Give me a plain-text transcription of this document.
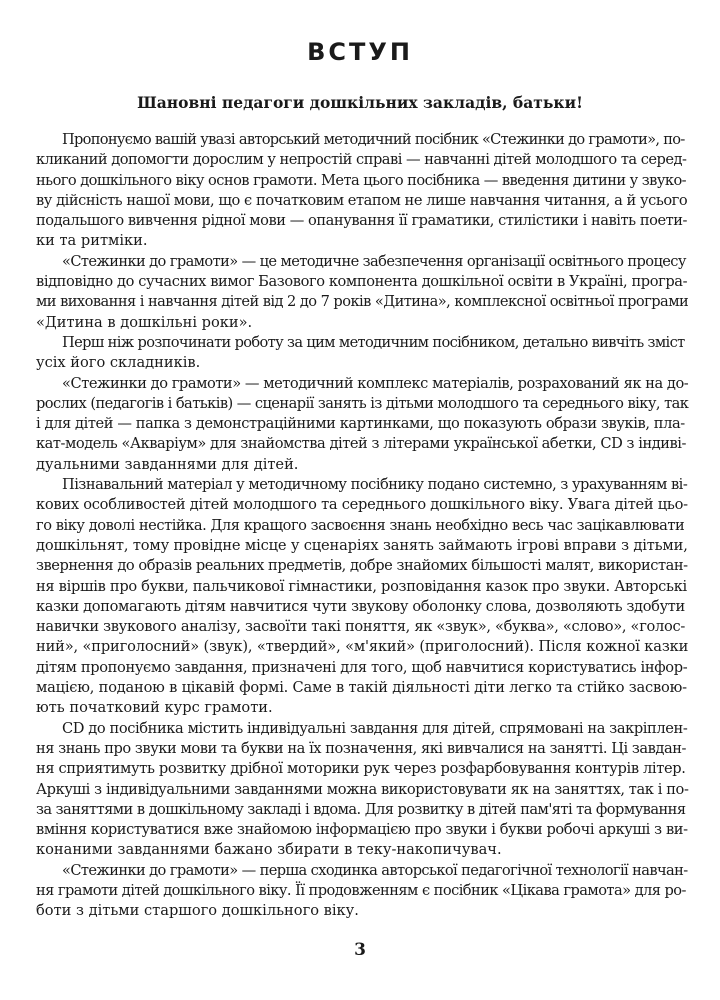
ВСТУП
Шановні педагоги дошкільних закладів, батьки!
Пропонуємо вашій увазі авторський методичний посібник «Стежинки до грамоти», по-
кликаний допомогти дорослим у непростій справі — навчанні дітей молодшого та серед-
нього дошкільного віку основ грамоти. Мета цього посібника — введення дитини у звуко-
ву дійсність нашої мови, що є початковим етапом не лише навчання читання, а й усього
подальшого вивчення рідної мови — опанування її граматики, стилістики і навіть поети-
ки та ритміки.
«Стежинки до грамоти» — це методичне забезпечення організації освітнього процесу
відповідно до сучасних вимог Базового компонента дошкільної освіти в Україні, програ-
ми виховання і навчання дітей від 2 до 7 років «Дитина», комплексної освітньої програми
«Дитина в дошкільні роки».
Перш ніж розпочинати роботу за цим методичним посібником, детально вивчіть зміст
усіх його складників.
«Стежинки до грамоти» — методичний комплекс матеріалів, розрахований як на до-
рослих (педагогів і батьків) — сценарії занять із дітьми молодшого та середнього віку, так
і для дітей — папка з демонстраційними картинками, що показують образи звуків, пла-
кат-модель «Акваріум» для знайомства дітей з літерами української абетки, CD з індиві-
дуальними завданнями для дітей.
Пізнавальний матеріал у методичному посібнику подано системно, з урахуванням ві-
кових особливостей дітей молодшого та середнього дошкільного віку. Увага дітей цьо-
го віку доволі нестійка. Для кращого засвоєння знань необхідно весь час зацікавлювати
дошкільнят, тому провідне місце у сценаріях занять займають ігрові вправи з дітьми,
звернення до образів реальних предметів, добре знайомих більшості малят, використан-
ня віршів про букви, пальчикової гімнастики, розповідання казок про звуки. Авторські
казки допомагають дітям навчитися чути звукову оболонку слова, дозволяють здобути
навички звукового аналізу, засвоїти такі поняття, як «звук», «буква», «слово», «голос-
ний», «приголосний» (звук), «твердий», «м'який» (приголосний). Після кожної казки
дітям пропонуємо завдання, призначені для того, щоб навчитися користуватись інфор-
мацією, поданою в цікавій формі. Саме в такій діяльності діти легко та стійко засвою-
ють початковий курс грамоти.
CD до посібника містить індивідуальні завдання для дітей, спрямовані на закріплен-
ня знань про звуки мови та букви на їх позначення, які вивчалися на занятті. Ці завдан-
ня сприятимуть розвитку дрібної моторики рук через розфарбовування контурів літер.
Аркуші з індивідуальними завданнями можна використовувати як на заняттях, так і по-
за заняттями в дошкільному закладі і вдома. Для розвитку в дітей пам'яті та формування
вміння користуватися вже знайомою інформацією про звуки і букви робочі аркуші з ви-
конаними завданнями бажано збирати в теку-накопичувач.
«Стежинки до грамоти» — перша сходинка авторської педагогічної технології навчан-
ня грамоти дітей дошкільного віку. Її продовженням є посібник «Цікава грамота» для ро-
боти з дітьми старшого дошкільного віку.
3
